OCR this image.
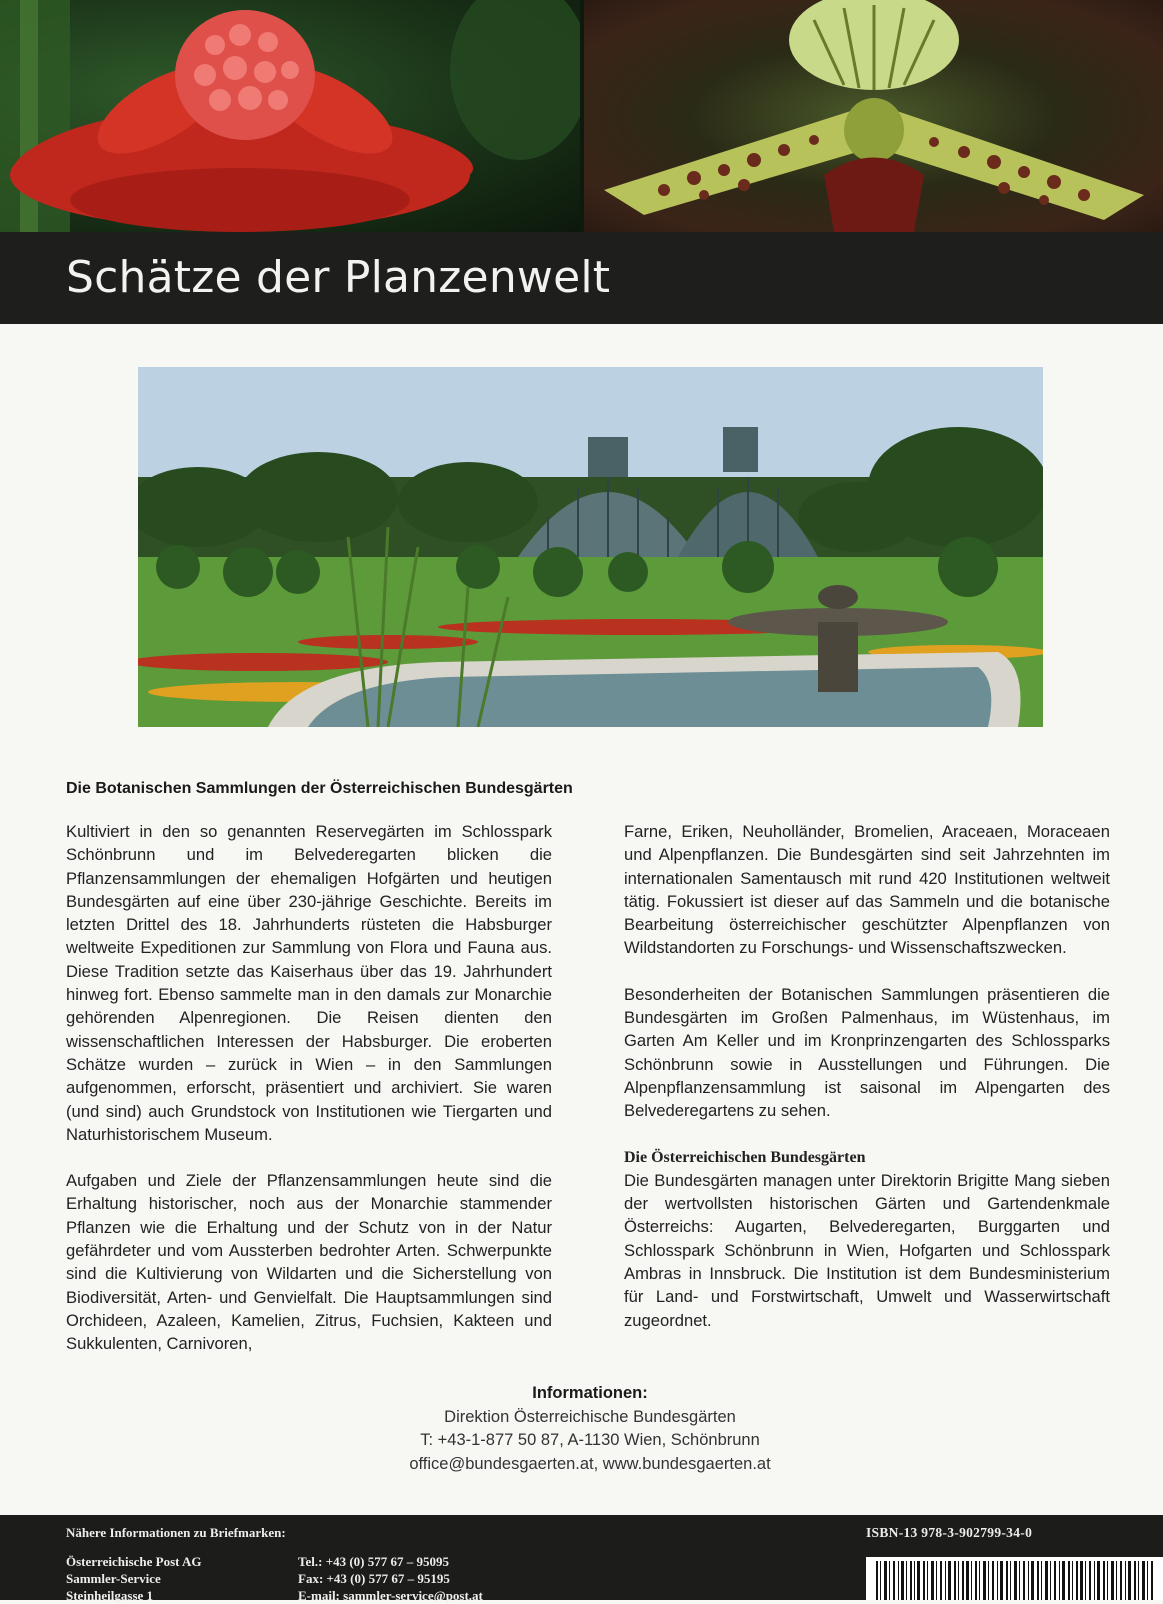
Schätze der Planzenwelt
Die Botanischen Sammlungen der Österreichischen Bundesgärten

Kultiviert in den so genannten Reservegärten im Schlosspark Schönbrunn und im Belvederegarten blicken die Pflanzensammlungen der ehemaligen Hofgärten und heutigen Bundesgärten auf eine über 230-jährige Geschichte. Bereits im letzten Drittel des 18. Jahrhunderts rüsteten die Habsburger weltweite Expeditionen zur Sammlung von Flora und Fauna aus. Diese Tradition setzte das Kaiserhaus über das 19. Jahrhundert hinweg fort. Ebenso sammelte man in den damals zur Monarchie gehörenden Alpenregionen. Die Reisen dienten den wissenschaftlichen Interessen der Habsburger. Die eroberten Schätze wurden – zurück in Wien – in den Sammlungen aufgenommen, erforscht, präsentiert und archiviert. Sie waren (und sind) auch Grundstock von Institutionen wie Tiergarten und Naturhistorischem Museum.

Aufgaben und Ziele der Pflanzensammlungen heute sind die Erhaltung historischer, noch aus der Monarchie stammender Pflanzen wie die Erhaltung und der Schutz von in der Natur gefährdeter und vom Aussterben bedrohter Arten. Schwerpunkte sind die Kultivierung von Wildarten und die Sicherstellung von Biodiversität, Arten- und Genvielfalt. Die Hauptsammlungen sind Orchideen, Azaleen, Kamelien, Zitrus, Fuchsien, Kakteen und Sukkulenten, Carnivoren,

Farne, Eriken, Neuholländer, Bromelien, Araceaen, Moraceaen und Alpenpflanzen. Die Bundesgärten sind seit Jahrzehnten im internationalen Samentausch mit rund 420 Institutionen weltweit tätig. Fokussiert ist dieser auf das Sammeln und die botanische Bearbeitung österreichischer geschützter Alpenpflanzen von Wildstandorten zu Forschungs- und Wissenschaftszwecken.

Besonderheiten der Botanischen Sammlungen präsentieren die Bundesgärten im Großen Palmenhaus, im Wüstenhaus, im Garten Am Keller und im Kronprinzengarten des Schlossparks Schönbrunn sowie in Ausstellungen und Führungen. Die Alpenpflanzensammlung ist saisonal im Alpengarten des Belvederegartens zu sehen.

Die Österreichischen Bundesgärten

Die Bundesgärten managen unter Direktorin Brigitte Mang sieben der wertvollsten historischen Gärten und Gartendenkmale Österreichs: Augarten, Belvederegarten, Burggarten und Schlosspark Schönbrunn in Wien, Hofgarten und Schlosspark Ambras in Innsbruck. Die Institution ist dem Bundesministerium für Land- und Forstwirtschaft, Umwelt und Wasserwirtschaft zugeordnet.

Informationen:
Direktion Österreichische Bundesgärten
T: +43-1-877 50 87, A-1130 Wien, Schönbrunn
office@bundesgaerten.at, www.bundesgaerten.at
Nähere Informationen zu Briefmarken:	ISBN-13 978-3-902799-34-0
Österreichische Post AG
Sammler-Service
Steinheilgasse 1
Tel.: +43 (0) 577 67 – 95095
Fax: +43 (0) 577 67 – 95195
E-mail: sammler-service@post.at
